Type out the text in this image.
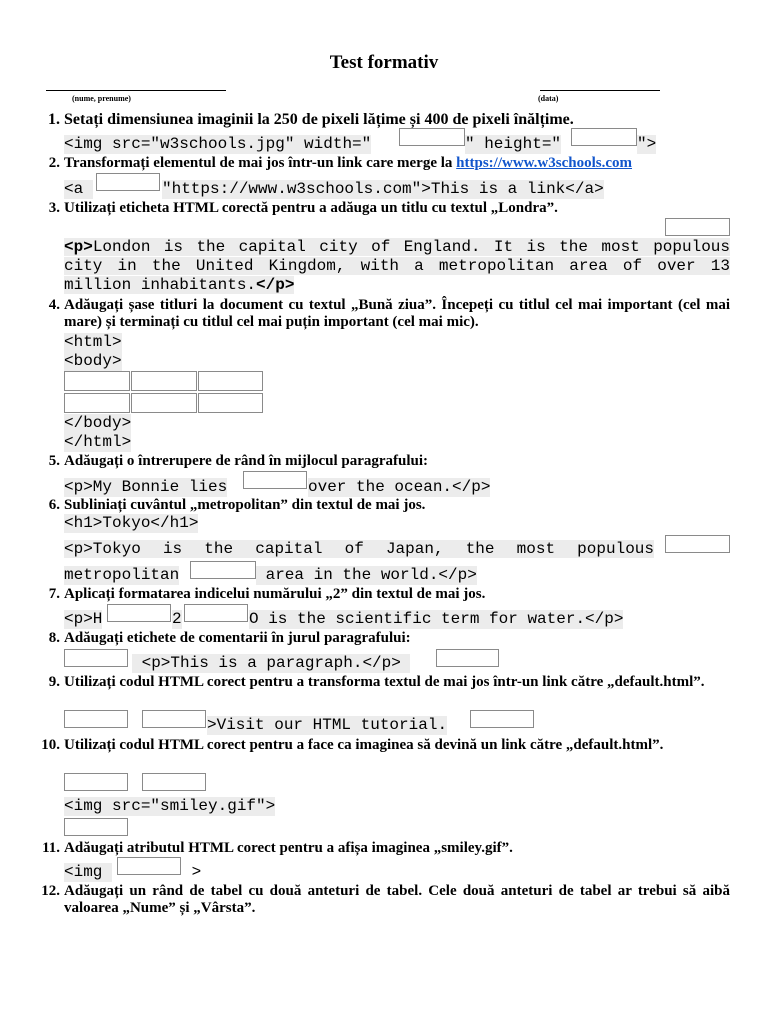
Test formativ
(nume, prenume)	(data)
1. Setați dimensiunea imaginii la 250 de pixeli lățime și 400 de pixeli înălțime.
<img src="w3schools.jpg" width="	" height="	">
2. Transformați elementul de mai jos într-un link care merge la https://www.w3schools.com
<a	"https://www.w3schools.com">This is a link</a>
3. Utilizați eticheta HTML corectă pentru a adăuga un titlu cu textul „Londra”.
<p>London is the capital city of England. It is the most populous city in the United Kingdom, with a metropolitan area of over 13 million inhabitants.</p>
4. Adăugați șase titluri la document cu textul „Bună ziua”. Începeți cu titlul cel mai important (cel mai mare) și terminați cu titlul cel mai puțin important (cel mai mic).
<html>
<body>
</body>
</html>
5. Adăugați o întrerupere de rând în mijlocul paragrafului:
<p>My Bonnie lies	over the ocean.</p>
6. Subliniați cuvântul „metropolitan” din textul de mai jos.
<h1>Tokyo</h1>
<p>Tokyo is the capital of Japan, the most populous
metropolitan	area in the world.</p>
7. Aplicați formatarea indicelui numărului „2” din textul de mai jos.
<p>H	2	O is the scientific term for water.</p>
8. Adăugați etichete de comentarii în jurul paragrafului:
<p>This is a paragraph.</p>
9. Utilizați codul HTML corect pentru a transforma textul de mai jos într-un link către „default.html”.
>Visit our HTML tutorial.
10. Utilizați codul HTML corect pentru a face ca imaginea să devină un link către „default.html”.
<img src="smiley.gif">
11. Adăugați atributul HTML corect pentru a afișa imaginea „smiley.gif”.
<img	>
12. Adăugați un rând de tabel cu două anteturi de tabel. Cele două anteturi de tabel ar trebui să aibă valoarea „Nume” și „Vârsta”.
